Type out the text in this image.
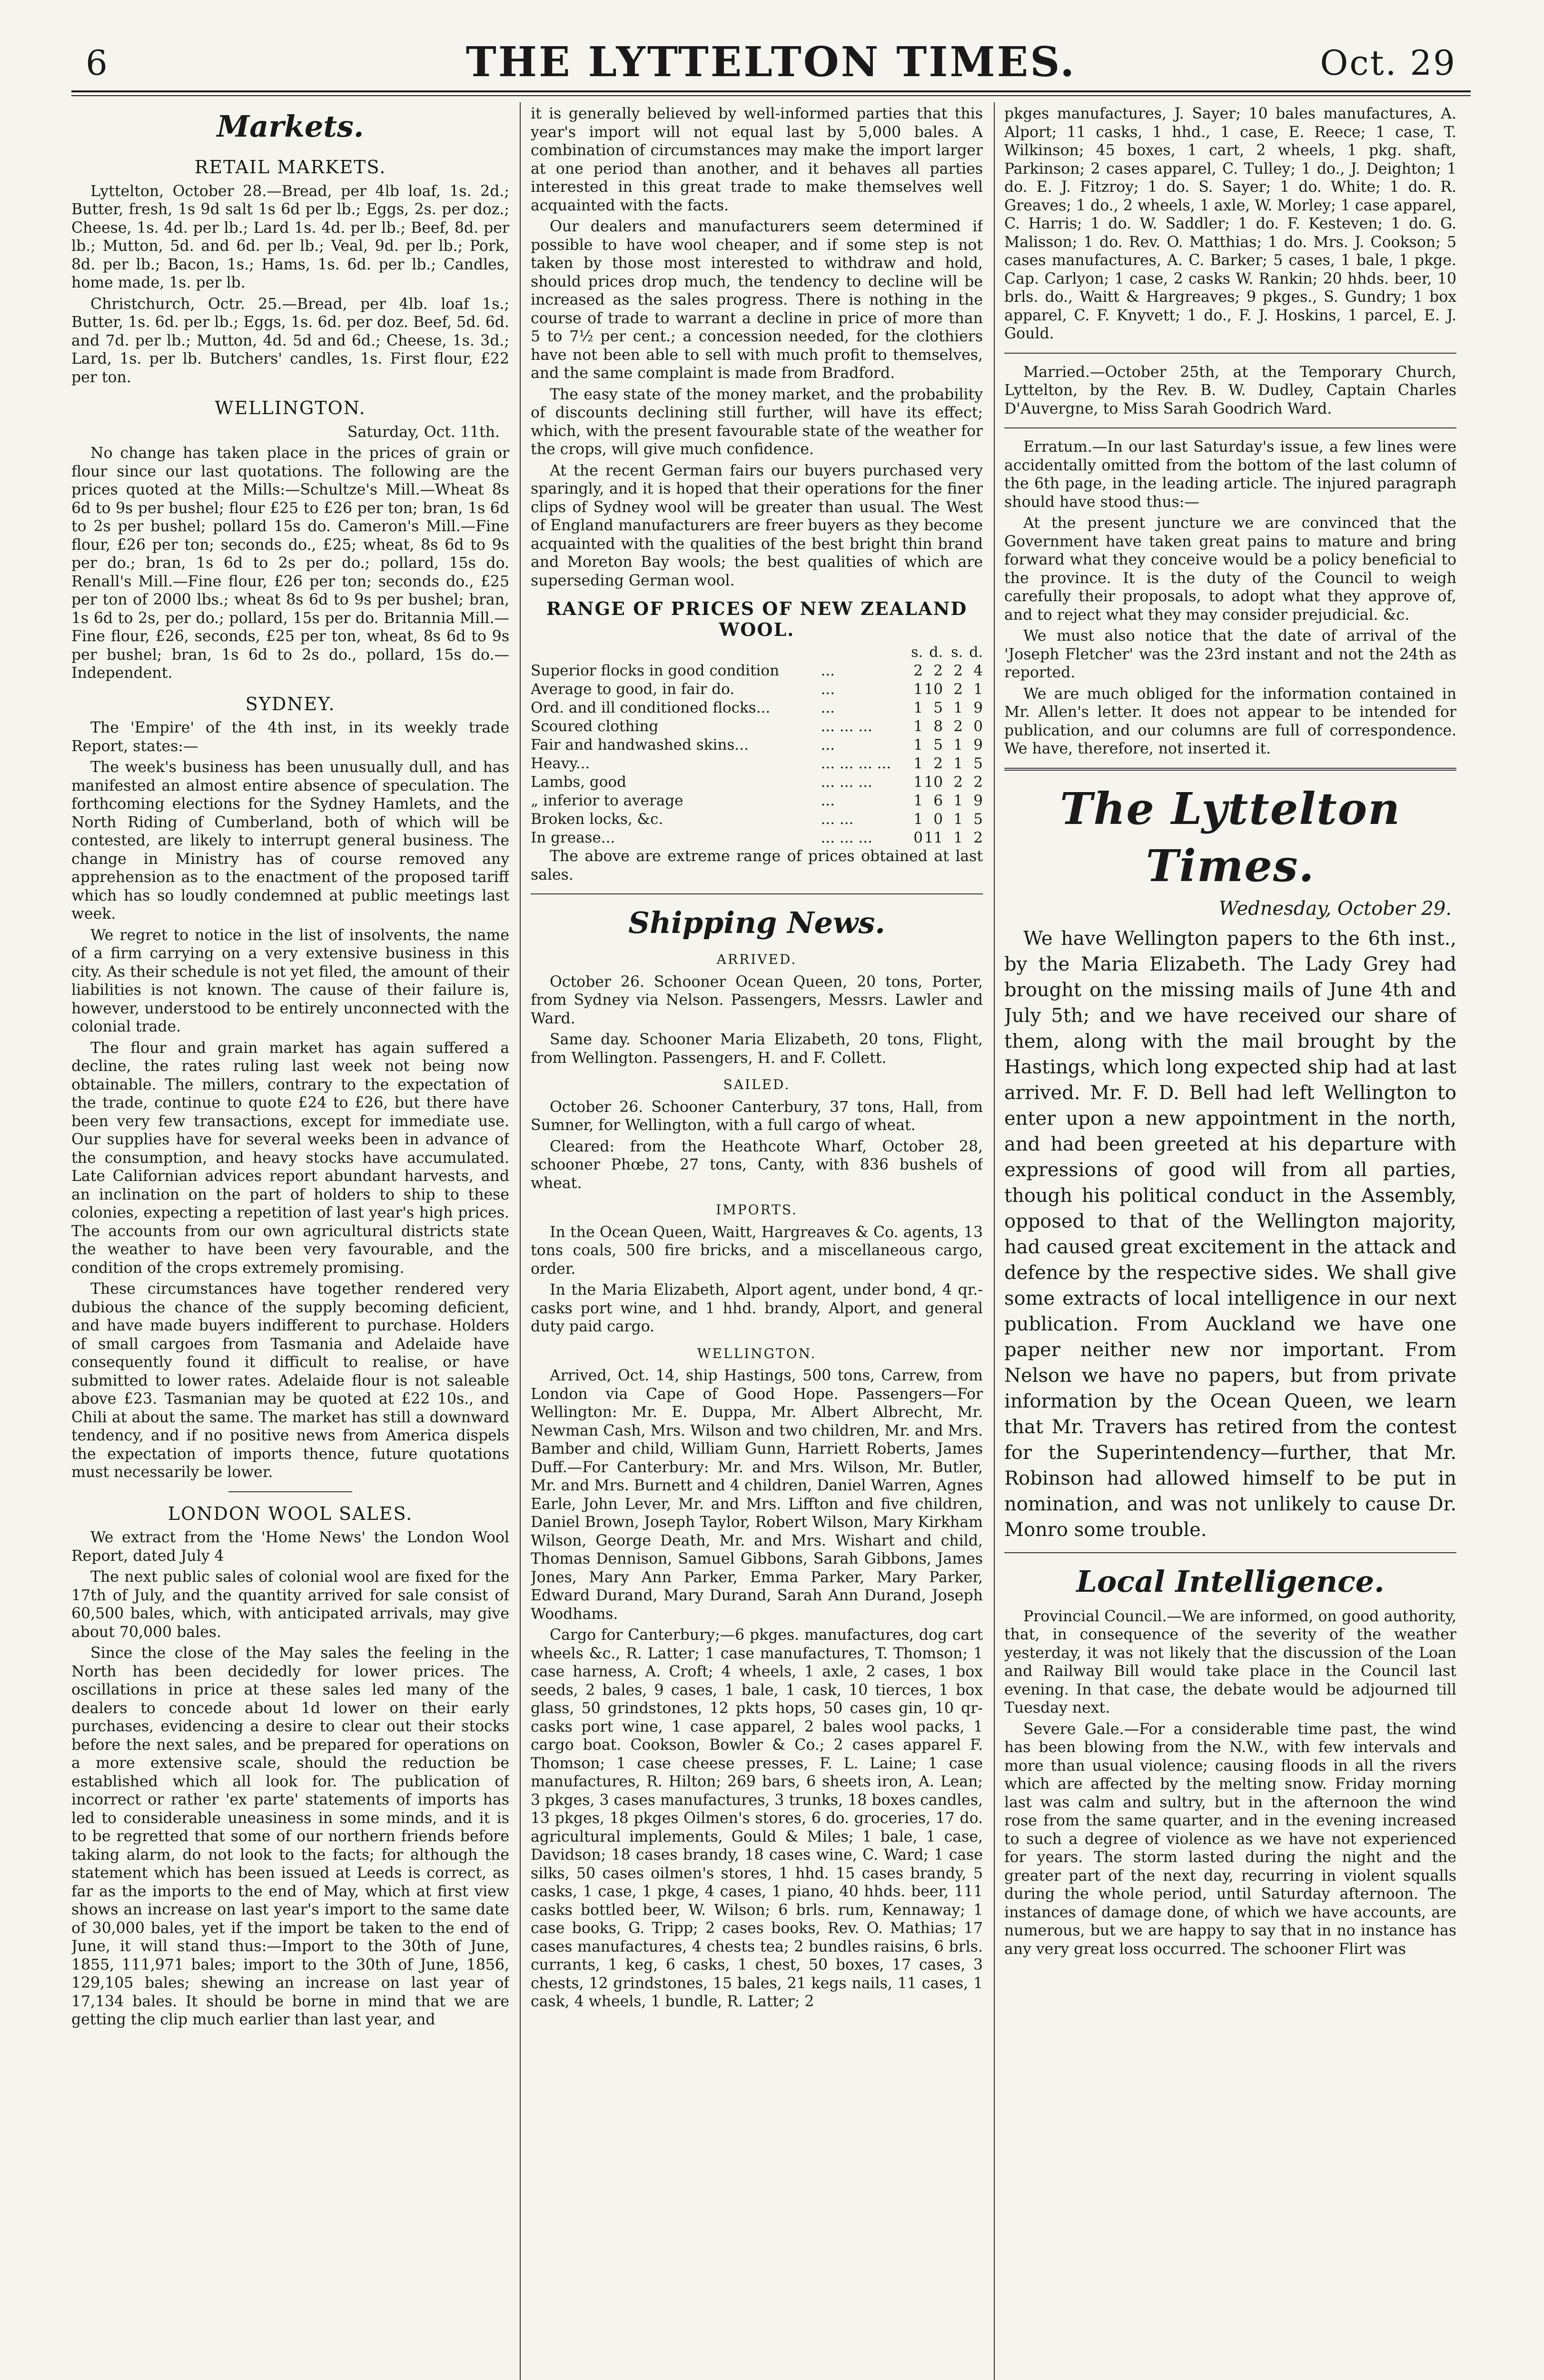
6	THE LYTTELTON TIMES.	Oct. 29
Markets.
RETAIL MARKETS.

Lyttelton, October 28.—Bread, per 4lb loaf, 1s. 2d.; Butter, fresh, 1s 9d salt 1s 6d per lb.; Eggs, 2s. per doz.; Cheese, 1s. 4d. per lb.; Lard 1s. 4d. per lb.; Beef, 8d. per lb.; Mutton, 5d. and 6d. per lb.; Veal, 9d. per lb.; Pork, 8d. per lb.; Bacon, 1s.; Hams, 1s. 6d. per lb.; Candles, home made, 1s. per lb.

Christchurch, Octr. 25.—Bread, per 4lb. loaf 1s.; Butter, 1s. 6d. per lb.; Eggs, 1s. 6d. per doz. Beef, 5d. 6d. and 7d. per lb.; Mutton, 4d. 5d and 6d.; Cheese, 1s. 3d.; Lard, 1s. per lb. Butchers' candles, 1s. First flour, £22 per ton.

WELLINGTON.
Saturday, Oct. 11th.

No change has taken place in the prices of grain or flour since our last quotations. The following are the prices quoted at the Mills:—Schultze's Mill.—Wheat 8s 6d to 9s per bushel; flour £25 to £26 per ton; bran, 1s 6d to 2s per bushel; pollard 15s do. Cameron's Mill.—Fine flour, £26 per ton; seconds do., £25; wheat, 8s 6d to 9s per do.; bran, 1s 6d to 2s per do.; pollard, 15s do. Renall's Mill.—Fine flour, £26 per ton; seconds do., £25 per ton of 2000 lbs.; wheat 8s 6d to 9s per bushel; bran, 1s 6d to 2s, per do.; pollard, 15s per do. Britannia Mill.—Fine flour, £26, seconds, £25 per ton, wheat, 8s 6d to 9s per bushel; bran, 1s 6d to 2s do., pollard, 15s do.—Independent.

SYDNEY.

The 'Empire' of the 4th inst, in its weekly trade Report, states:—

The week's business has been unusually dull, and has manifested an almost entire absence of speculation. The forthcoming elections for the Sydney Hamlets, and the North Riding of Cumberland, both of which will be contested, are likely to interrupt general business. The change in Ministry has of course removed any apprehension as to the enactment of the proposed tariff which has so loudly condemned at public meetings last week.

We regret to notice in the list of insolvents, the name of a firm carrying on a very extensive business in this city. As their schedule is not yet filed, the amount of their liabilities is not known. The cause of their failure is, however, understood to be entirely unconnected with the colonial trade.

The flour and grain market has again suffered a decline, the rates ruling last week not being now obtainable. The millers, contrary to the expectation of the trade, continue to quote £24 to £26, but there have been very few transactions, except for immediate use. Our supplies have for several weeks been in advance of the consumption, and heavy stocks have accumulated. Late Californian advices report abundant harvests, and an inclination on the part of holders to ship to these colonies, expecting a repetition of last year's high prices. The accounts from our own agricultural districts state the weather to have been very favourable, and the condition of the crops extremely promising.

These circumstances have together rendered very dubious the chance of the supply becoming deficient, and have made buyers indifferent to purchase. Holders of small cargoes from Tasmania and Adelaide have consequently found it difficult to realise, or have submitted to lower rates. Adelaide flour is not saleable above £23. Tasmanian may be quoted at £22 10s., and Chili at about the same. The market has still a downward tendency, and if no positive news from America dispels the expectation of imports thence, future quotations must necessarily be lower.

LONDON WOOL SALES.

We extract from the 'Home News' the London Wool Report, dated July 4

The next public sales of colonial wool are fixed for the 17th of July, and the quantity arrived for sale consist of 60,500 bales, which, with anticipated arrivals, may give about 70,000 bales.

Since the close of the May sales the feeling in the North has been decidedly for lower prices. The oscillations in price at these sales led many of the dealers to concede about 1d lower on their early purchases, evidencing a desire to clear out their stocks before the next sales, and be prepared for operations on a more extensive scale, should the reduction be established which all look for. The publication of incorrect or rather 'ex parte' statements of imports has led to considerable uneasiness in some minds, and it is to be regretted that some of our northern friends before taking alarm, do not look to the facts; for although the statement which has been issued at Leeds is correct, as far as the imports to the end of May, which at first view shows an increase on last year's import to the same date of 30,000 bales, yet if the import be taken to the end of June, it will stand thus:—Import to the 30th of June, 1855, 111,971 bales; import to the 30th of June, 1856, 129,105 bales; shewing an increase on last year of 17,134 bales. It should be borne in mind that we are getting the clip much earlier than last year, and

it is generally believed by well-informed parties that this year's import will not equal last by 5,000 bales. A combination of circumstances may make the import larger at one period than another, and it behaves all parties interested in this great trade to make themselves well acquainted with the facts.

Our dealers and manufacturers seem determined if possible to have wool cheaper, and if some step is not taken by those most interested to withdraw and hold, should prices drop much, the tendency to decline will be increased as the sales progress. There is nothing in the course of trade to warrant a decline in price of more than 5 to 7½ per cent.; a concession needed, for the clothiers have not been able to sell with much profit to themselves, and the same complaint is made from Bradford.

The easy state of the money market, and the probability of discounts declining still further, will have its effect; which, with the present favourable state of the weather for the crops, will give much confidence.

At the recent German fairs our buyers purchased very sparingly, and it is hoped that their operations for the finer clips of Sydney wool will be greater than usual. The West of England manufacturers are freer buyers as they become acquainted with the qualities of the best bright thin brand and Moreton Bay wools; the best qualities of which are superseding German wool.

RANGE OF PRICES OF NEW ZEALAND WOOL.
		s.	d.	s.	d.
Superior flocks in good condition	...	2	2	2	4
Average to good, in fair do.	...	1	10	2	1
Ord. and ill conditioned flocks...	...	1	5	1	9
Scoured clothing	... ... ...	1	8	2	0
Fair and handwashed skins...	...	1	5	1	9
Heavy...	... ... ... ...	1	2	1	5
Lambs, good	... ... ...	1	10	2	2
„ inferior to average	...	1	6	1	9
Broken locks, &c.	... ...	1	0	1	5
In grease...	... ... ...	0	11	1	2

The above are extreme range of prices obtained at last sales.

Shipping News.
ARRIVED.

October 26. Schooner Ocean Queen, 20 tons, Porter, from Sydney via Nelson. Passengers, Messrs. Lawler and Ward.

Same day. Schooner Maria Elizabeth, 20 tons, Flight, from Wellington. Passengers, H. and F. Collett.

SAILED.

October 26. Schooner Canterbury, 37 tons, Hall, from Sumner, for Wellington, with a full cargo of wheat.

Cleared: from the Heathcote Wharf, October 28, schooner Phœbe, 27 tons, Canty, with 836 bushels of wheat.

IMPORTS.

In the Ocean Queen, Waitt, Hargreaves & Co. agents, 13 tons coals, 500 fire bricks, and a miscellaneous cargo, order.

In the Maria Elizabeth, Alport agent, under bond, 4 qr.-casks port wine, and 1 hhd. brandy, Alport, and general duty paid cargo.

WELLINGTON.

Arrived, Oct. 14, ship Hastings, 500 tons, Carrew, from London via Cape of Good Hope. Passengers—For Wellington: Mr. E. Duppa, Mr. Albert Albrecht, Mr. Newman Cash, Mrs. Wilson and two children, Mr. and Mrs. Bamber and child, William Gunn, Harriett Roberts, James Duff.—For Canterbury: Mr. and Mrs. Wilson, Mr. Butler, Mr. and Mrs. Burnett and 4 children, Daniel Warren, Agnes Earle, John Lever, Mr. and Mrs. Liffton and five children, Daniel Brown, Joseph Taylor, Robert Wilson, Mary Kirkham Wilson, George Death, Mr. and Mrs. Wishart and child, Thomas Dennison, Samuel Gibbons, Sarah Gibbons, James Jones, Mary Ann Parker, Emma Parker, Mary Parker, Edward Durand, Mary Durand, Sarah Ann Durand, Joseph Woodhams.

Cargo for Canterbury;—6 pkges. manufactures, dog cart wheels &c., R. Latter; 1 case manufactures, T. Thomson; 1 case harness, A. Croft; 4 wheels, 1 axle, 2 cases, 1 box seeds, 2 bales, 9 cases, 1 bale, 1 cask, 10 tierces, 1 box glass, 50 grindstones, 12 pkts hops, 50 cases gin, 10 qr-casks port wine, 1 case apparel, 2 bales wool packs, 1 cargo boat. Cookson, Bowler & Co.; 2 cases apparel F. Thomson; 1 case cheese presses, F. L. Laine; 1 case manufactures, R. Hilton; 269 bars, 6 sheets iron, A. Lean; 3 pkges, 3 cases manufactures, 3 trunks, 18 boxes candles, 13 pkges, 18 pkges Oilmen's stores, 6 do. groceries, 17 do. agricultural implements, Gould & Miles; 1 bale, 1 case, Davidson; 18 cases brandy, 18 cases wine, C. Ward; 1 case silks, 50 cases oilmen's stores, 1 hhd. 15 cases brandy, 5 casks, 1 case, 1 pkge, 4 cases, 1 piano, 40 hhds. beer, 111 casks bottled beer, W. Wilson; 6 brls. rum, Kennaway; 1 case books, G. Tripp; 2 cases books, Rev. O. Mathias; 17 cases manufactures, 4 chests tea; 2 bundles raisins, 6 brls. currants, 1 keg, 6 casks, 1 chest, 50 boxes, 17 cases, 3 chests, 12 grindstones, 15 bales, 21 kegs nails, 11 cases, 1 cask, 4 wheels, 1 bundle, R. Latter; 2

pkges manufactures, J. Sayer; 10 bales manufactures, A. Alport; 11 casks, 1 hhd., 1 case, E. Reece; 1 case, T. Wilkinson; 45 boxes, 1 cart, 2 wheels, 1 pkg. shaft, Parkinson; 2 cases apparel, C. Tulley; 1 do., J. Deighton; 1 do. E. J. Fitzroy; 1 do. S. Sayer; 1 do. White; 1 do. R. Greaves; 1 do., 2 wheels, 1 axle, W. Morley; 1 case apparel, C. Harris; 1 do. W. Saddler; 1 do. F. Kesteven; 1 do. G. Malisson; 1 do. Rev. O. Matthias; 1 do. Mrs. J. Cookson; 5 cases manufactures, A. C. Barker; 5 cases, 1 bale, 1 pkge. Cap. Carlyon; 1 case, 2 casks W. Rankin; 20 hhds. beer, 10 brls. do., Waitt & Hargreaves; 9 pkges., S. Gundry; 1 box apparel, C. F. Knyvett; 1 do., F. J. Hoskins, 1 parcel, E. J. Gould.

Married.—October 25th, at the Temporary Church, Lyttelton, by the Rev. B. W. Dudley, Captain Charles D'Auvergne, to Miss Sarah Goodrich Ward.

Erratum.—In our last Saturday's issue, a few lines were accidentally omitted from the bottom of the last column of the 6th page, in the leading article. The injured paragraph should have stood thus:—

At the present juncture we are convinced that the Government have taken great pains to mature and bring forward what they conceive would be a policy beneficial to the province. It is the duty of the Council to weigh carefully their proposals, to adopt what they approve of, and to reject what they may consider prejudicial. &c.

We must also notice that the date of arrival of the 'Joseph Fletcher' was the 23rd instant and not the 24th as reported.

We are much obliged for the information contained in Mr. Allen's letter. It does not appear to be intended for publication, and our columns are full of correspondence. We have, therefore, not inserted it.

The Lyttelton Times.
Wednesday, October 29.

We have Wellington papers to the 6th inst., by the Maria Elizabeth. The Lady Grey had brought on the missing mails of June 4th and July 5th; and we have received our share of them, along with the mail brought by the Hastings, which long expected ship had at last arrived. Mr. F. D. Bell had left Wellington to enter upon a new appointment in the north, and had been greeted at his departure with expressions of good will from all parties, though his political conduct in the Assembly, opposed to that of the Wellington majority, had caused great excitement in the attack and defence by the respective sides. We shall give some extracts of local intelligence in our next publication. From Auckland we have one paper neither new nor important. From Nelson we have no papers, but from private information by the Ocean Queen, we learn that Mr. Travers has retired from the contest for the Superintendency—further, that Mr. Robinson had allowed himself to be put in nomination, and was not unlikely to cause Dr. Monro some trouble.

Local Intelligence.

Provincial Council.—We are informed, on good authority, that, in consequence of the severity of the weather yesterday, it was not likely that the discussion of the Loan and Railway Bill would take place in the Council last evening. In that case, the debate would be adjourned till Tuesday next.

Severe Gale.—For a considerable time past, the wind has been blowing from the N.W., with few intervals and more than usual violence; causing floods in all the rivers which are affected by the melting snow. Friday morning last was calm and sultry, but in the afternoon the wind rose from the same quarter, and in the evening increased to such a degree of violence as we have not experienced for years. The storm lasted during the night and the greater part of the next day, recurring in violent squalls during the whole period, until Saturday afternoon. The instances of damage done, of which we have accounts, are numerous, but we are happy to say that in no instance has any very great loss occurred. The schooner Flirt was
